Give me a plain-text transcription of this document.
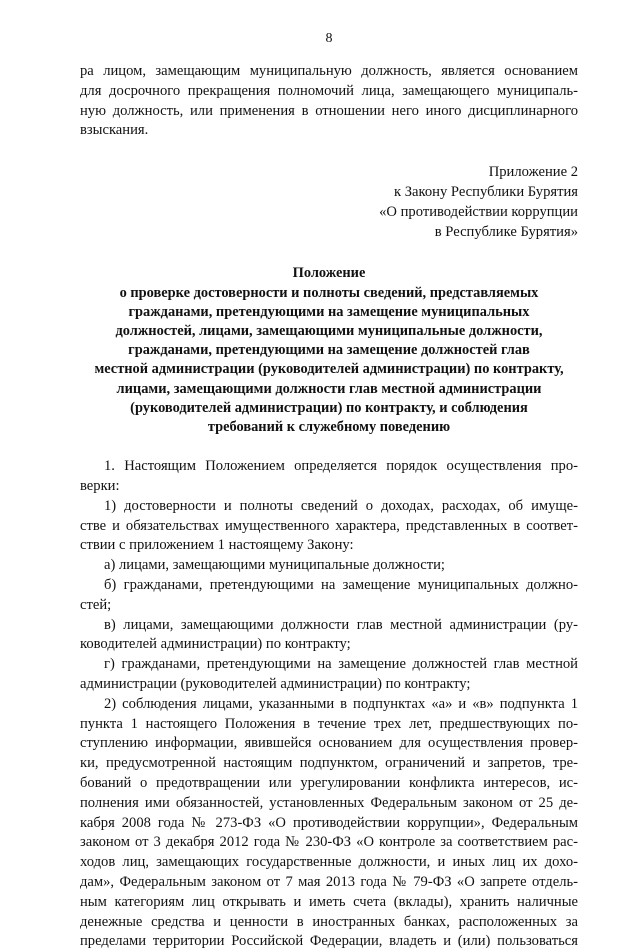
8
ра лицом, замещающим муниципальную должность, является основанием
для досрочного прекращения полномочий лица, замещающего муниципаль-
ную должность, или применения в отношении него иного дисциплинарного
взыскания.
Приложение 2
к Закону Республики Бурятия
«О противодействии коррупции
в Республике Бурятия»
Положение
о проверке достоверности и полноты сведений, представляемых
гражданами, претендующими на замещение муниципальных
должностей, лицами, замещающими муниципальные должности,
гражданами, претендующими на замещение должностей глав
местной администрации (руководителей администрации) по контракту,
лицами, замещающими должности глав местной администрации
(руководителей администрации) по контракту, и соблюдения
требований к служебному поведению
1. Настоящим Положением определяется порядок осуществления про-
верки:
1) достоверности и полноты сведений о доходах, расходах, об имуще-
стве и обязательствах имущественного характера, представленных в соответ-
ствии с приложением 1 настоящему Закону:
а) лицами, замещающими муниципальные должности;
б) гражданами, претендующими на замещение муниципальных должно-
стей;
в) лицами, замещающими должности глав местной администрации (ру-
ководителей администрации) по контракту;
г) гражданами, претендующими на замещение должностей глав местной
администрации (руководителей администрации) по контракту;
2) соблюдения лицами, указанными в подпунктах «а» и «в» подпункта 1
пункта 1 настоящего Положения в течение трех лет, предшествующих по-
ступлению информации, явившейся основанием для осуществления провер-
ки, предусмотренной настоящим подпунктом, ограничений и запретов, тре-
бований о предотвращении или урегулировании конфликта интересов, ис-
полнения ими обязанностей, установленных Федеральным законом от 25 де-
кабря 2008 года № 273-ФЗ «О противодействии коррупции», Федеральным
законом от 3 декабря 2012 года № 230-ФЗ «О контроле за соответствием рас-
ходов лиц, замещающих государственные должности, и иных лиц их дохо-
дам», Федеральным законом от 7 мая 2013 года № 79-ФЗ «О запрете отдель-
ным категориям лиц открывать и иметь счета (вклады), хранить наличные
денежные средства и ценности в иностранных банках, расположенных за
пределами территории Российской Федерации, владеть и (или) пользоваться
